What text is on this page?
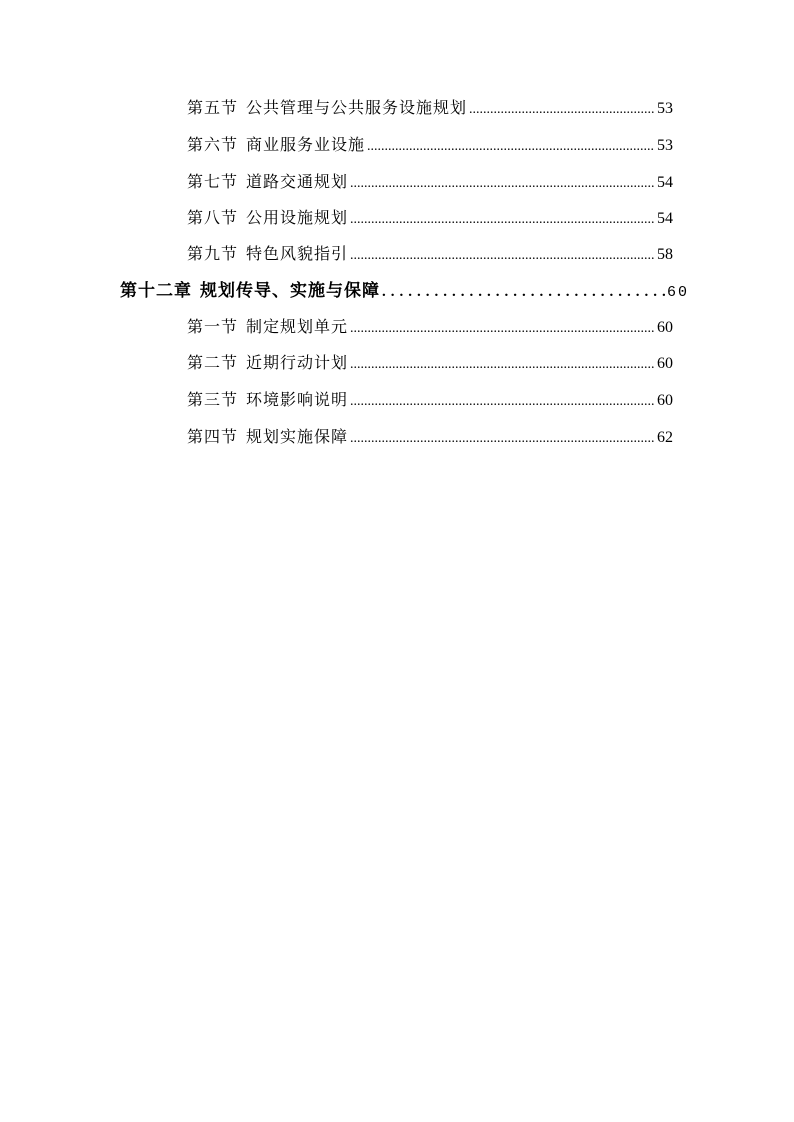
第五节 公共管理与公共服务设施规划 .....	53
第六节 商业服务业设施 .....	53
第七节 道路交通规划 .....	54
第八节 公用设施规划 .....	54
第九节 特色风貌指引 .....	58
第十二章 规划传导、实施与保障 .....	60
第一节 制定规划单元 .....	60
第二节 近期行动计划 .....	60
第三节 环境影响说明 .....	60
第四节 规划实施保障 .....	62
